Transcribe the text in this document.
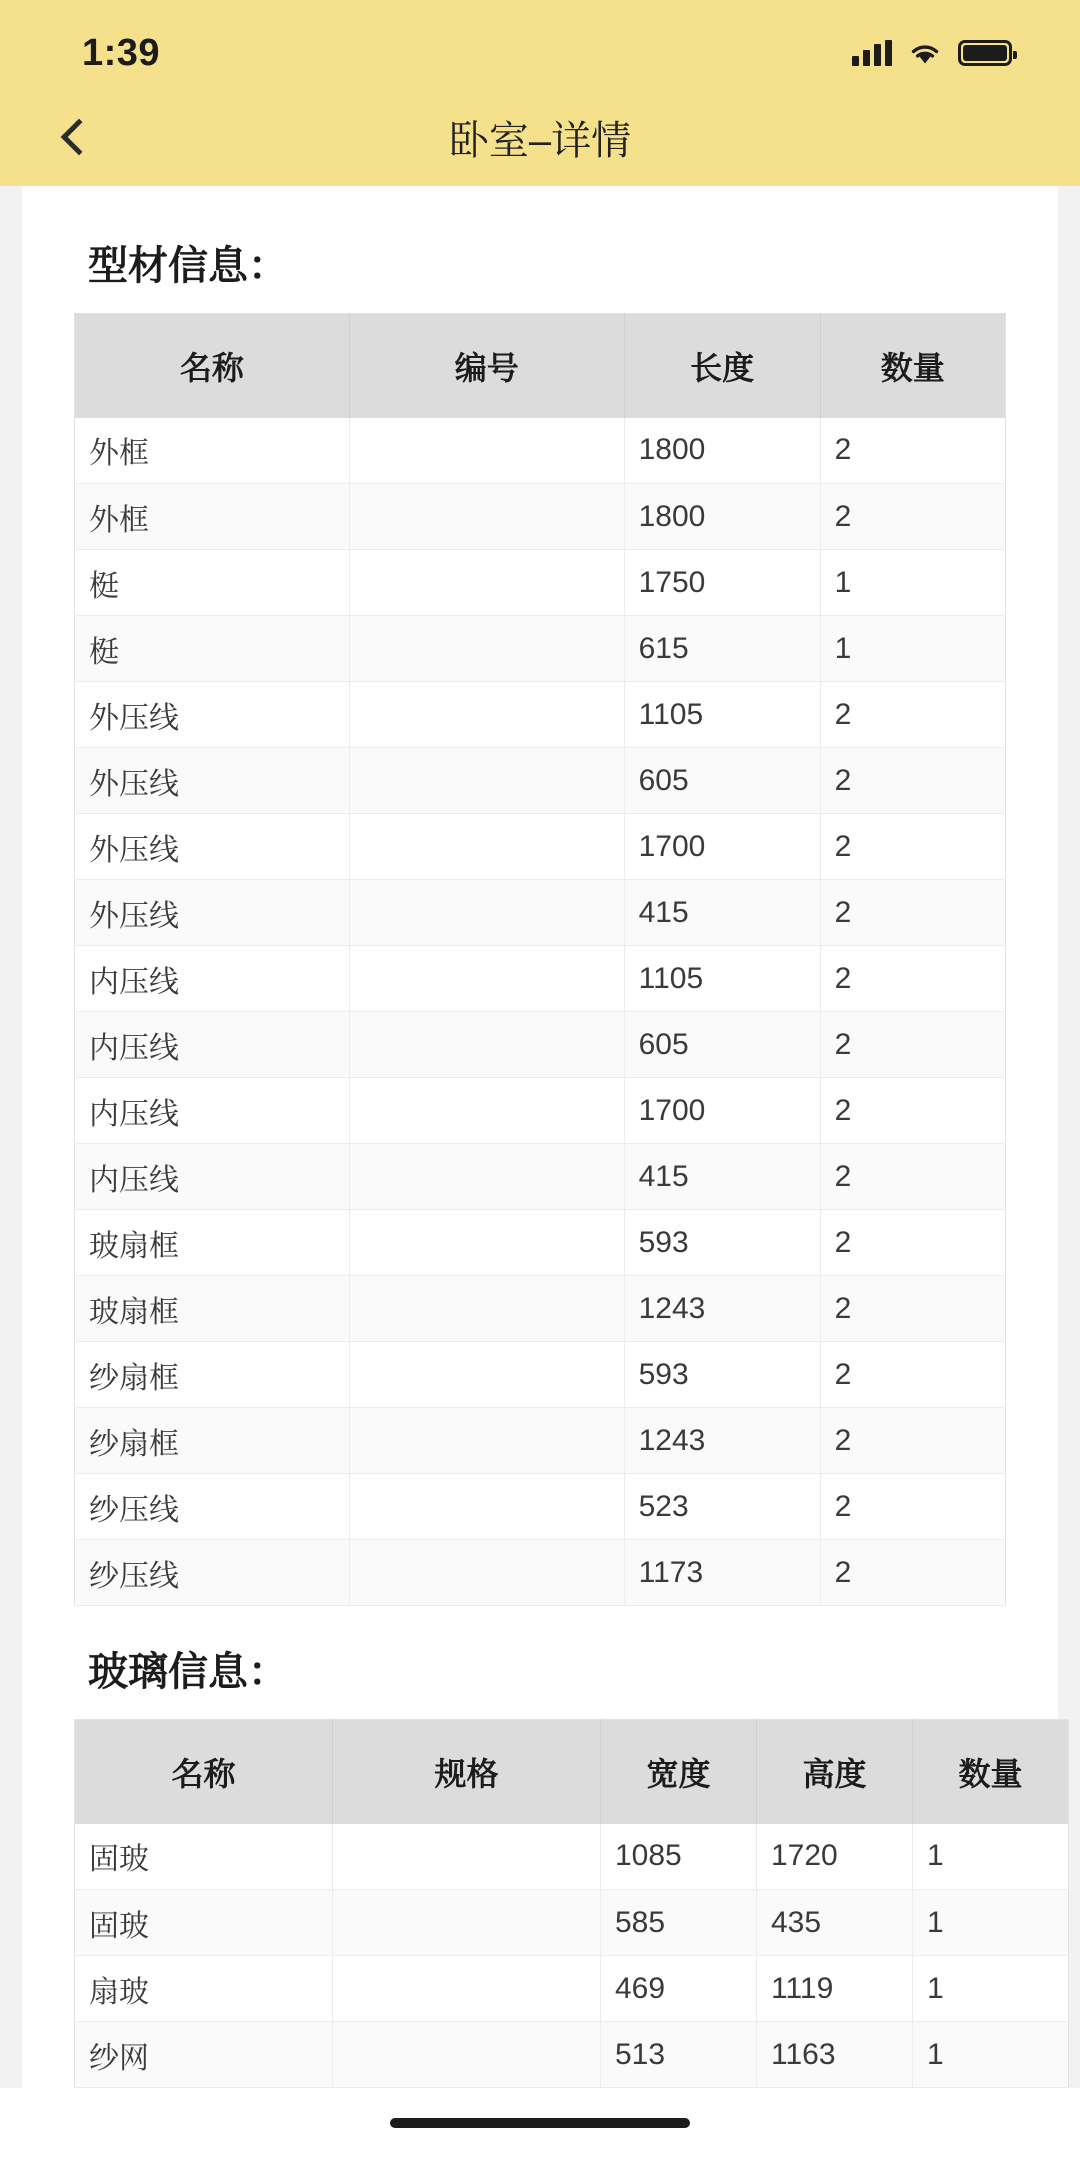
1:39
卧室–详情
型材信息：
名称	编号	长度	数量
外框		1800	2
外框		1800	2
梃		1750	1
梃		615	1
外压线		1105	2
外压线		605	2
外压线		1700	2
外压线		415	2
内压线		1105	2
内压线		605	2
内压线		1700	2
内压线		415	2
玻扇框		593	2
玻扇框		1243	2
纱扇框		593	2
纱扇框		1243	2
纱压线		523	2
纱压线		1173	2
玻璃信息：
名称	规格	宽度	高度	数量
固玻		1085	1720	1
固玻		585	435	1
扇玻		469	1119	1
纱网		513	1163	1
